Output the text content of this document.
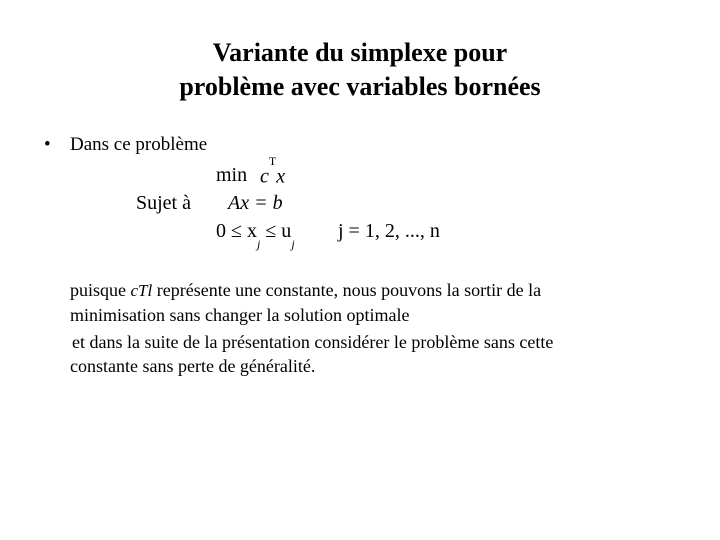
Variante du simplexe pour
problème avec variables bornées
• Dans ce problème
$\min c^Tx$
Sujet à Ax = b
$0 \le x_j \le u_j$
j = 1, 2, ..., n
puisque cTl représente une constante, nous pouvons la sortir de la
minimisation sans changer la solution optimale
et dans la suite de la présentation considérer le problème sans cette
constante sans perte de généralité.
